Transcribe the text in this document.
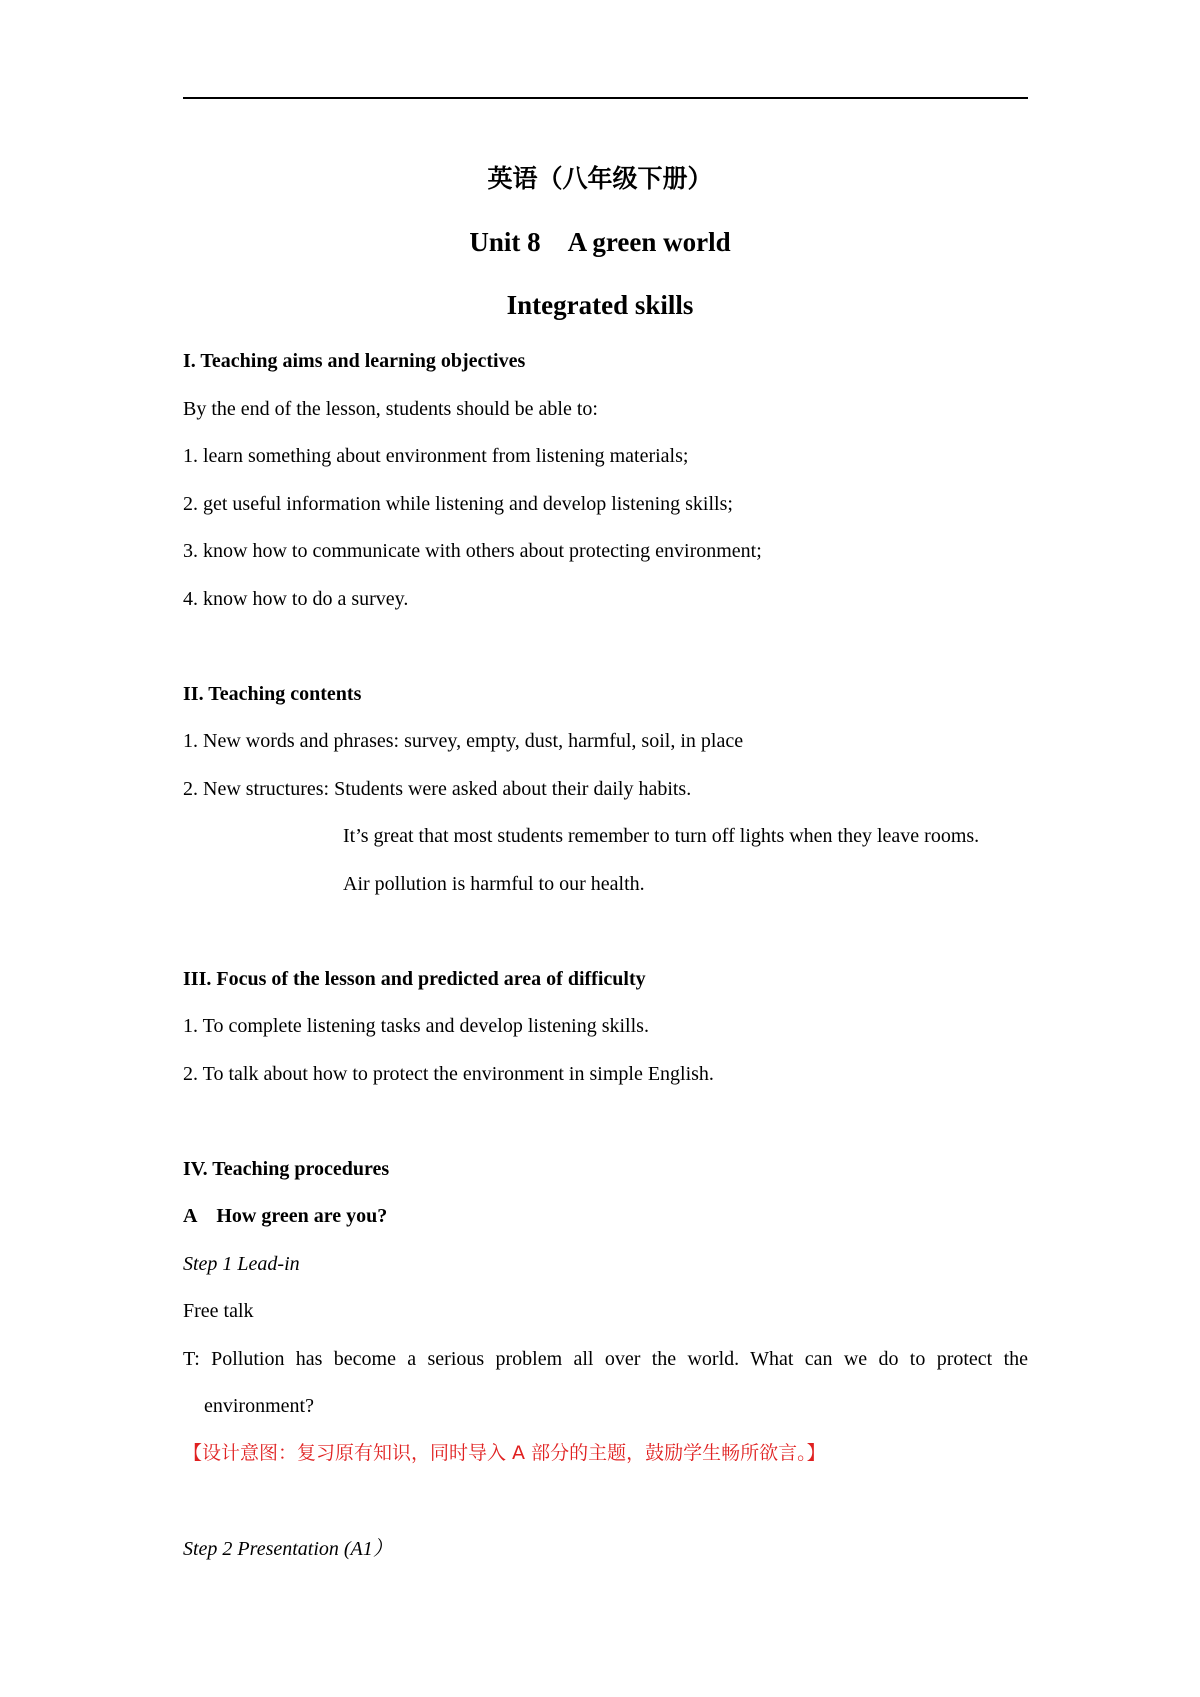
英语（八年级下册）
Unit 8　A green world
Integrated skills
I. Teaching aims and learning objectives
By the end of the lesson, students should be able to:
1. learn something about environment from listening materials;
2. get useful information while listening and develop listening skills;
3. know how to communicate with others about protecting environment;
4. know how to do a survey.
II. Teaching contents
1. New words and phrases: survey, empty, dust, harmful, soil, in place
2. New structures: Students were asked about their daily habits.
It’s great that most students remember to turn off lights when they leave rooms.
Air pollution is harmful to our health.
III. Focus of the lesson and predicted area of difficulty
1. To complete listening tasks and develop listening skills.
2. To talk about how to protect the environment in simple English.
IV. Teaching procedures
A　How green are you?
Step 1 Lead-in
Free talk
T: Pollution has become a serious problem all over the world. What can we do to protect the
environment?
【设计意图：复习原有知识，同时导入 A 部分的主题，鼓励学生畅所欲言。】
Step 2 Presentation (A1）
